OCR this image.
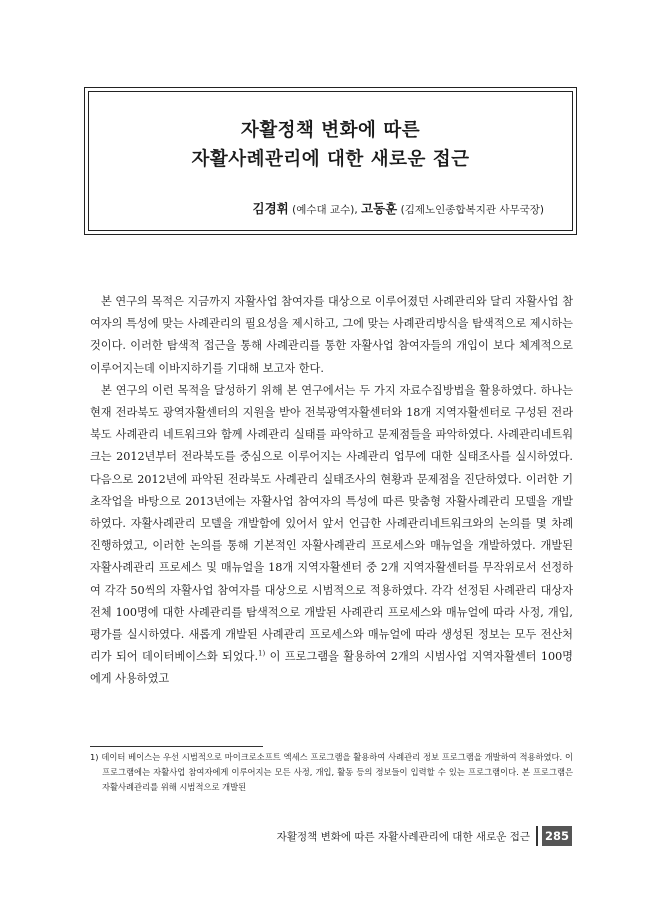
자활정책 변화에 따른
자활사례관리에 대한 새로운 접근
김경휘 (예수대 교수), 고동훈 (김제노인종합복지관 사무국장)

본 연구의 목적은 지금까지 자활사업 참여자를 대상으로 이루어졌던 사례관리와 달리 자활사업 참여자의 특성에 맞는 사례관리의 필요성을 제시하고, 그에 맞는 사례관리방식을 탐색적으로 제시하는 것이다. 이러한 탐색적 접근을 통해 사례관리를 통한 자활사업 참여자들의 개입이 보다 체계적으로 이루어지는데 이바지하기를 기대해 보고자 한다.

본 연구의 이런 목적을 달성하기 위해 본 연구에서는 두 가지 자료수집방법을 활용하였다. 하나는 현재 전라북도 광역자활센터의 지원을 받아 전북광역자활센터와 18개 지역자활센터로 구성된 전라북도 사례관리 네트워크와 함께 사례관리 실태를 파악하고 문제점들을 파악하였다. 사례관리네트워크는 2012년부터 전라북도를 중심으로 이루어지는 사례관리 업무에 대한 실태조사를 실시하였다. 다음으로 2012년에 파악된 전라북도 사례관리 실태조사의 현황과 문제점을 진단하였다. 이러한 기초작업을 바탕으로 2013년에는 자활사업 참여자의 특성에 따른 맞춤형 자활사례관리 모델을 개발하였다. 자활사례관리 모델을 개발함에 있어서 앞서 언급한 사례관리네트워크와의 논의를 몇 차례 진행하였고, 이러한 논의를 통해 기본적인 자활사례관리 프로세스와 매뉴얼을 개발하였다. 개발된 자활사례관리 프로세스 및 매뉴얼을 18개 지역자활센터 중 2개 지역자활센터를 무작위로서 선정하여 각각 50씩의 자활사업 참여자를 대상으로 시범적으로 적용하였다. 각각 선정된 사례관리 대상자 전체 100명에 대한 사례관리를 탐색적으로 개발된 사례관리 프로세스와 매뉴얼에 따라 사정, 개입, 평가를 실시하였다. 새롭게 개발된 사례관리 프로세스와 매뉴얼에 따라 생성된 정보는 모두 전산처리가 되어 데이터베이스화 되었다.$^{1)}$ 이 프로그램을 활용하여 2개의 시범사업 지역자활센터 100명에게 사용하였고

1) 데이터 베이스는 우선 시범적으로 마이크로소프트 엑세스 프로그램을 활용하여 사례관리 정보 프로그램을 개발하여 적용하였다. 이 프로그램에는 자활사업 참여자에게 이루어지는 모든 사정, 개입, 활동 등의 정보들이 입력할 수 있는 프로그램이다. 본 프로그램은 자활사례관리를 위해 시범적으로 개발된
자활정책 변화에 따른 자활사례관리에 대한 새로운 접근 285
